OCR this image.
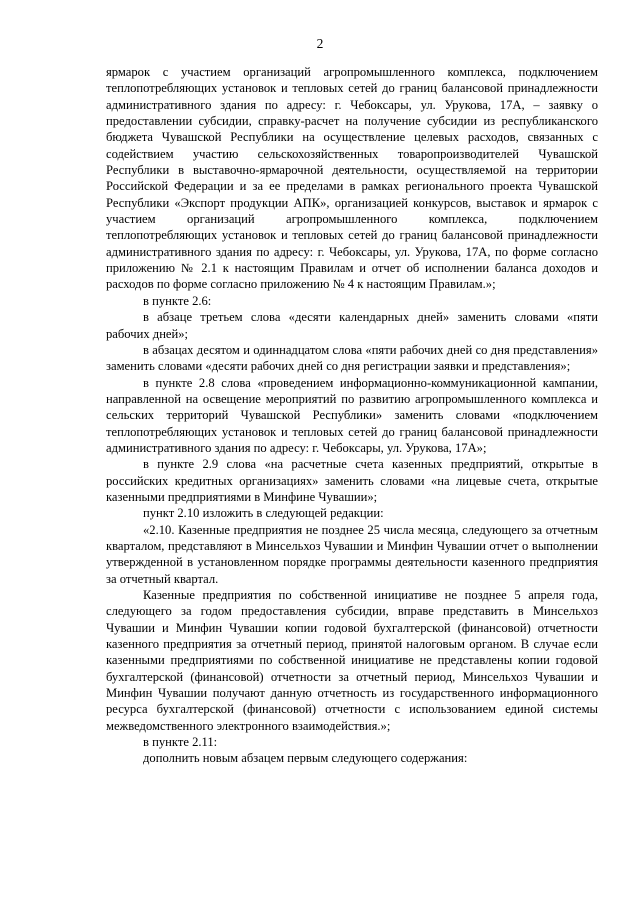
2

ярмарок с участием организаций агропромышленного комплекса, подключением теплопотребляющих установок и тепловых сетей до границ балансовой принадлежности административного здания по адресу: г. Чебоксары, ул. Урукова, 17А, – заявку о предоставлении субсидии, справку-расчет на получение субсидии из республиканского бюджета Чувашской Республики на осуществление целевых расходов, связанных с содействием участию сельскохозяйственных товаропроизводителей Чувашской Республики в выставочно-ярмарочной деятельности, осуществляемой на территории Российской Федерации и за ее пределами в рамках регионального проекта Чувашской Республики «Экспорт продукции АПК», организацией конкурсов, выставок и ярмарок с участием организаций агропромышленного комплекса, подключением теплопотребляющих установок и тепловых сетей до границ балансовой принадлежности административного здания по адресу: г. Чебоксары, ул. Урукова, 17А, по форме согласно приложению № 2.1 к настоящим Правилам и отчет об исполнении баланса доходов и расходов по форме согласно приложению № 4 к настоящим Правилам.»;

в пункте 2.6:

в абзаце третьем слова «десяти календарных дней» заменить словами «пяти рабочих дней»;

в абзацах десятом и одиннадцатом слова «пяти рабочих дней со дня представления» заменить словами «десяти рабочих дней со дня регистрации заявки и представления»;

в пункте 2.8 слова «проведением информационно-коммуникационной кампании, направленной на освещение мероприятий по развитию агропромышленного комплекса и сельских территорий Чувашской Республики» заменить словами «подключением теплопотребляющих установок и тепловых сетей до границ балансовой принадлежности административного здания по адресу: г. Чебоксары, ул. Урукова, 17А»;

в пункте 2.9 слова «на расчетные счета казенных предприятий, открытые в российских кредитных организациях» заменить словами «на лицевые счета, открытые казенными предприятиями в Минфине Чувашии»;

пункт 2.10 изложить в следующей редакции:

«2.10. Казенные предприятия не позднее 25 числа месяца, следующего за отчетным кварталом, представляют в Минсельхоз Чувашии и Минфин Чувашии отчет о выполнении утвержденной в установленном порядке программы деятельности казенного предприятия за отчетный квартал.

Казенные предприятия по собственной инициативе не позднее 5 апреля года, следующего за годом предоставления субсидии, вправе представить в Минсельхоз Чувашии и Минфин Чувашии копии годовой бухгалтерской (финансовой) отчетности казенного предприятия за отчетный период, принятой налоговым органом. В случае если казенными предприятиями по собственной инициативе не представлены копии годовой бухгалтерской (финансовой) отчетности за отчетный период, Минсельхоз Чувашии и Минфин Чувашии получают данную отчетность из государственного информационного ресурса бухгалтерской (финансовой) отчетности с использованием единой системы межведомственного электронного взаимодействия.»;

в пункте 2.11:

дополнить новым абзацем первым следующего содержания:
